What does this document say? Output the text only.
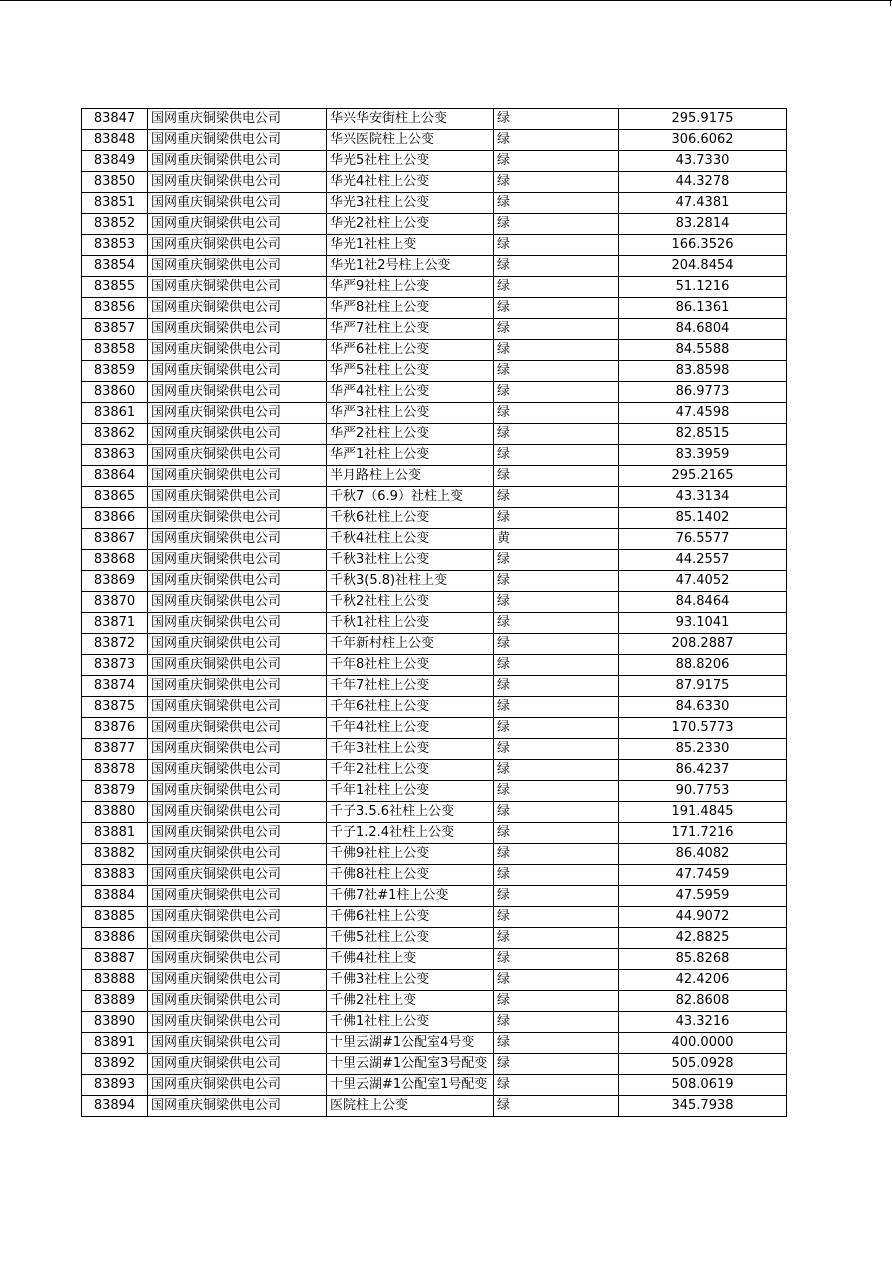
83847	国网重庆铜梁供电公司	华兴华安街柱上公变	绿	295.9175
83848	国网重庆铜梁供电公司	华兴医院柱上公变	绿	306.6062
83849	国网重庆铜梁供电公司	华光5社柱上公变	绿	43.7330
83850	国网重庆铜梁供电公司	华光4社柱上公变	绿	44.3278
83851	国网重庆铜梁供电公司	华光3社柱上公变	绿	47.4381
83852	国网重庆铜梁供电公司	华光2社柱上公变	绿	83.2814
83853	国网重庆铜梁供电公司	华光1社柱上变	绿	166.3526
83854	国网重庆铜梁供电公司	华光1社2号柱上公变	绿	204.8454
83855	国网重庆铜梁供电公司	华严9社柱上公变	绿	51.1216
83856	国网重庆铜梁供电公司	华严8社柱上公变	绿	86.1361
83857	国网重庆铜梁供电公司	华严7社柱上公变	绿	84.6804
83858	国网重庆铜梁供电公司	华严6社柱上公变	绿	84.5588
83859	国网重庆铜梁供电公司	华严5社柱上公变	绿	83.8598
83860	国网重庆铜梁供电公司	华严4社柱上公变	绿	86.9773
83861	国网重庆铜梁供电公司	华严3社柱上公变	绿	47.4598
83862	国网重庆铜梁供电公司	华严2社柱上公变	绿	82.8515
83863	国网重庆铜梁供电公司	华严1社柱上公变	绿	83.3959
83864	国网重庆铜梁供电公司	半月路柱上公变	绿	295.2165
83865	国网重庆铜梁供电公司	千秋7（6.9）社柱上变	绿	43.3134
83866	国网重庆铜梁供电公司	千秋6社柱上公变	绿	85.1402
83867	国网重庆铜梁供电公司	千秋4社柱上公变	黄	76.5577
83868	国网重庆铜梁供电公司	千秋3社柱上公变	绿	44.2557
83869	国网重庆铜梁供电公司	千秋3(5.8)社柱上变	绿	47.4052
83870	国网重庆铜梁供电公司	千秋2社柱上公变	绿	84.8464
83871	国网重庆铜梁供电公司	千秋1社柱上公变	绿	93.1041
83872	国网重庆铜梁供电公司	千年新村柱上公变	绿	208.2887
83873	国网重庆铜梁供电公司	千年8社柱上公变	绿	88.8206
83874	国网重庆铜梁供电公司	千年7社柱上公变	绿	87.9175
83875	国网重庆铜梁供电公司	千年6社柱上公变	绿	84.6330
83876	国网重庆铜梁供电公司	千年4社柱上公变	绿	170.5773
83877	国网重庆铜梁供电公司	千年3社柱上公变	绿	85.2330
83878	国网重庆铜梁供电公司	千年2社柱上公变	绿	86.4237
83879	国网重庆铜梁供电公司	千年1社柱上公变	绿	90.7753
83880	国网重庆铜梁供电公司	千子3.5.6社柱上公变	绿	191.4845
83881	国网重庆铜梁供电公司	千子1.2.4社柱上公变	绿	171.7216
83882	国网重庆铜梁供电公司	千佛9社柱上公变	绿	86.4082
83883	国网重庆铜梁供电公司	千佛8社柱上公变	绿	47.7459
83884	国网重庆铜梁供电公司	千佛7社#1柱上公变	绿	47.5959
83885	国网重庆铜梁供电公司	千佛6社柱上公变	绿	44.9072
83886	国网重庆铜梁供电公司	千佛5社柱上公变	绿	42.8825
83887	国网重庆铜梁供电公司	千佛4社柱上变	绿	85.8268
83888	国网重庆铜梁供电公司	千佛3社柱上公变	绿	42.4206
83889	国网重庆铜梁供电公司	千佛2社柱上变	绿	82.8608
83890	国网重庆铜梁供电公司	千佛1社柱上公变	绿	43.3216
83891	国网重庆铜梁供电公司	十里云湖#1公配室4号变	绿	400.0000
83892	国网重庆铜梁供电公司	十里云湖#1公配室3号配变	绿	505.0928
83893	国网重庆铜梁供电公司	十里云湖#1公配室1号配变	绿	508.0619
83894	国网重庆铜梁供电公司	医院柱上公变	绿	345.7938
